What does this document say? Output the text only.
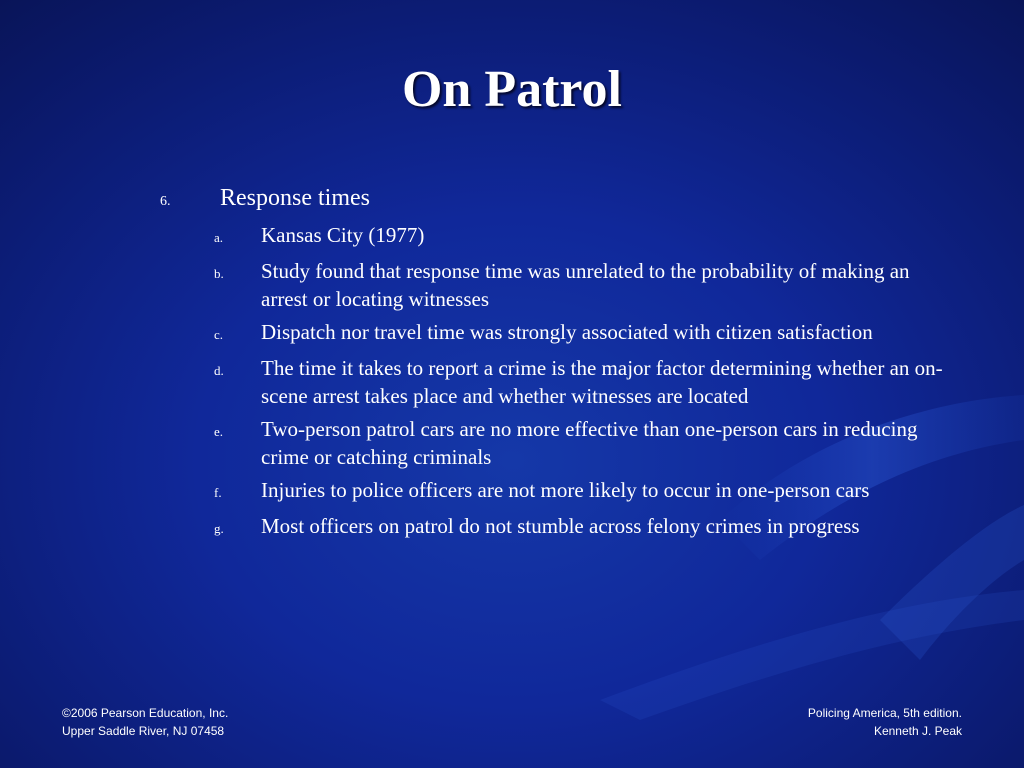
On Patrol
6.	Response times
a.	Kansas City (1977)
b.	Study found that response time was unrelated to the probability of making an arrest or locating witnesses
c.	Dispatch nor travel time was strongly associated with citizen satisfaction
d.	The time it takes to report a crime is the major factor determining whether an on-scene arrest takes place and whether witnesses are located
e.	Two-person patrol cars are no more effective than one-person cars in reducing crime or catching criminals
f.	Injuries to police officers are not more likely to occur in one-person cars
g.	Most officers on patrol do not stumble across felony crimes in progress
©2006 Pearson Education, Inc.
Upper Saddle River, NJ 07458
Policing America, 5th edition.
Kenneth J. Peak
